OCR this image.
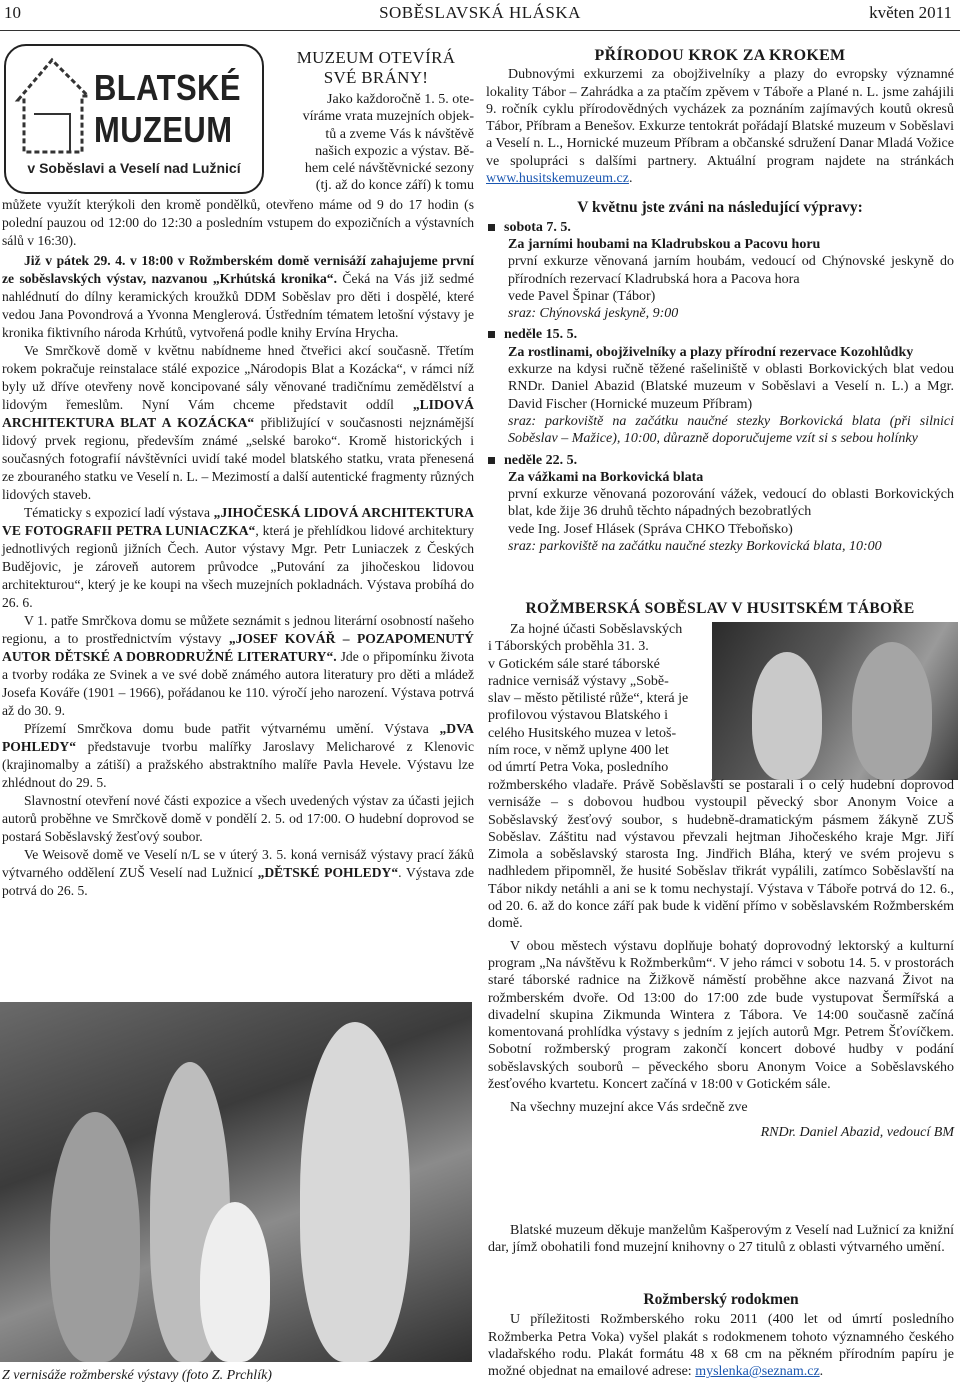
10	SOBĚSLAVSKÁ HLÁSKA	květen 2011
BLATSKÉ
MUZEUM
v Soběslavi a Veselí nad Lužnicí
MUZEUM OTEVÍRÁ
SVÉ BRÁNY!
Jako každoročně 1. 5. ote-
víráme vrata muzejních objek-
tů a zveme Vás k návštěvě
našich expozic a výstav. Bě-
hem celé návštěvnické sezony
(tj. až do konce září) k tomu

můžete využít kterýkoli den kromě pondělků, otevřeno máme od 9 do 17 hodin (s polední pauzou od 12:00 do 12:30 a posledním vstupem do expozičních a výstavních sálů v 16:30).

Již v pátek 29. 4. v 18:00 v Rožmberském domě vernisáží zahajujeme první ze soběslavských výstav, nazvanou „Krhútská kronika“. Čeká na Vás již sedmé nahlédnutí do dílny keramických kroužků DDM Soběslav pro děti i dospělé, které vedou Jana Povondrová a Yvonna Menglerová. Ústředním tématem letošní výstavy je kronika fiktivního národa Krhútů, vytvořená podle knihy Ervína Hrycha.

Ve Smrčkově domě v květnu nabídneme hned čtveřici akcí současně. Třetím rokem pokračuje reinstalace stálé expozice „Národopis Blat a Kozácka“, v rámci níž byly už dříve otevřeny nově koncipované sály věnované tradičnímu zemědělství a lidovým řemeslům. Nyní Vám chceme představit oddíl „LIDOVÁ ARCHITEKTURA BLAT A KOZÁCKA“ přibližující v současnosti nejznámější lidový prvek regionu, především známé „selské baroko“. Kromě historických i současných fotografií návštěvníci uvidí také model blatského statku, vrata přenesená ze zbouraného statku ve Veselí n. L. – Mezimostí a další autentické fragmenty různých lidových staveb.

Tématicky s expozicí ladí výstava „JIHOČESKÁ LIDOVÁ ARCHITEKTURA VE FOTOGRAFII PETRA LUNIACZKA“, která je přehlídkou lidové architektury jednotlivých regionů jižních Čech. Autor výstavy Mgr. Petr Luniaczek z Českých Budějovic, je zároveň autorem průvodce „Putování za jihočeskou lidovou architekturou“, který je ke koupi na všech muzejních pokladnách. Výstava probíhá do 26. 6.

V 1. patře Smrčkova domu se můžete seznámit s jednou literární osobností našeho regionu, a to prostřednictvím výstavy „JOSEF KOVÁŘ – POZAPOMENUTÝ AUTOR DĚTSKÉ A DOBRODRUŽNÉ LITERATURY“. Jde o připomínku života a tvorby rodáka ze Svinek a ve své době známého autora literatury pro děti a mládež Josefa Kováře (1901 – 1966), pořádanou ke 110. výročí jeho narození. Výstava potrvá až do 30. 9.

Přízemí Smrčkova domu bude patřit výtvarnému umění. Výstava „DVA POHLEDY“ představuje tvorbu malířky Jaroslavy Melicharové z Klenovic (krajinomalby a zátiší) a pražského abstraktního malíře Pavla Hevele. Výstavu lze zhlédnout do 29. 5.

Slavnostní otevření nové části expozice a všech uvedených výstav za účasti jejich autorů proběhne ve Smrčkově domě v pondělí 2. 5. od 17:00. O hudební doprovod se postará Soběslavský žesťový soubor.

Ve Weisově domě ve Veselí n/L se v úterý 3. 5. koná vernisáž výstavy prací žáků výtvarného oddělení ZUŠ Veselí nad Lužnicí „DĚTSKÉ POHLEDY“. Výstava zde potrvá do 26. 5.

Z vernisáže rožmberské výstavy (foto Z. Prchlík)
PŘÍRODOU KROK ZA KROKEM

Dubnovými exkurzemi za obojživelníky a plazy do evropsky významné lokality Tábor – Zahrádka a za ptačím zpěvem v Táboře a Plané n. L. jsme zahájili 9. ročník cyklu přírodovědných vycházek za poznáním zajímavých koutů okresů Tábor, Příbram a Benešov. Exkurze tentokrát pořádají Blatské muzeum v Soběslavi a Veselí n. L., Hornické muzeum Příbram a občanské sdružení Danar Mladá Vožice ve spolupráci s dalšími partnery. Aktuální program najdete na stránkách www.husitskemuzeum.cz.

V květnu jste zváni na následující výpravy:
sobota 7. 5.
Za jarními houbami na Kladrubskou a Pacovu horu
první exkurze věnovaná jarním houbám, vedoucí od Chýnovské jeskyně do přírodních rezervací Kladrubská hora a Pacova hora
vede Pavel Špinar (Tábor)
sraz: Chýnovská jeskyně, 9:00
neděle 15. 5.
Za rostlinami, obojživelníky a plazy přírodní rezervace Kozohlůdky
exkurze na kdysi ručně těžené rašeliniště v oblasti Borkovických blat vedou RNDr. Daniel Abazid (Blatské muzeum v Soběslavi a Veselí n. L.) a Mgr. David Fischer (Hornické muzeum Příbram)
sraz: parkoviště na začátku naučné stezky Borkovická blata (při silnici Soběslav – Mažice), 10:00, důrazně doporučujeme vzít si s sebou holínky
neděle 22. 5.
Za vážkami na Borkovická blata
první exkurze věnovaná pozorování vážek, vedoucí do oblasti Borkovických blat, kde žije 36 druhů těchto nápadných bezobratlých
vede Ing. Josef Hlásek (Správa CHKO Třeboňsko)
sraz: parkoviště na začátku naučné stezky Borkovická blata, 10:00
ROŽMBERSKÁ SOBĚSLAV V HUSITSKÉM TÁBOŘE
Za hojné účasti Soběslavských
i Táborských proběhla 31. 3.
v Gotickém sále staré táborské
radnice vernisáž výstavy „Sobě-
slav – město pětilisté růže“, která je
profilovou výstavou Blatského i
celého Husitského muzea v letoš-
ním roce, v němž uplyne 400 let
od úmrtí Petra Voka, posledního

rožmberského vladaře. Právě Soběslavští se postarali i o celý hudební doprovod vernisáže – s dobovou hudbou vystoupil pěvecký sbor Anonym Voice a Soběslavský žesťový soubor, s hudebně-dramatickým pásmem žákyně ZUŠ Soběslav. Záštitu nad výstavou převzali hejtman Jihočeského kraje Mgr. Jiří Zimola a soběslavský starosta Ing. Jindřich Bláha, který ve svém projevu s nadhledem připomněl, že husité Soběslav třikrát vypálili, zatímco Soběslavští na Tábor nikdy netáhli a ani se k tomu nechystají. Výstava v Táboře potrvá do 12. 6., od 20. 6. až do konce září pak bude k vidění přímo v soběslavském Rožmberském domě.

V obou městech výstavu doplňuje bohatý doprovodný lektorský a kulturní program „Na návštěvu k Rožmberkům“. V jeho rámci v sobotu 14. 5. v prostorách staré táborské radnice na Žižkově náměstí proběhne akce nazvaná Život na rožmberském dvoře. Od 13:00 do 17:00 zde bude vystupovat Šermířská a divadelní skupina Zikmunda Wintera z Tábora. Ve 14:00 současně začíná komentovaná prohlídka výstavy s jedním z jejích autorů Mgr. Petrem Šťovíčkem. Sobotní rožmberský program zakončí koncert dobové hudby v podání soběslavských souborů – pěveckého sboru Anonym Voice a Soběslavského žesťového kvartetu. Koncert začíná v 18:00 v Gotickém sále.

Na všechny muzejní akce Vás srdečně zve

RNDr. Daniel Abazid, vedoucí BM

Blatské muzeum děkuje manželům Kašperovým z Veselí nad Lužnicí za knižní dar, jímž obohatili fond muzejní knihovny o 27 titulů z oblasti výtvarného umění.

Rožmberský rodokmen

U příležitosti Rožmberského roku 2011 (400 let od úmrtí posledního Rožmberka Petra Voka) vyšel plakát s rodokmenem tohoto významného českého vladařského rodu. Plakát formátu 48 x 68 cm na pěkném přírodním papíru je možné objednat na emailové adrese: myslenka@seznam.cz.
